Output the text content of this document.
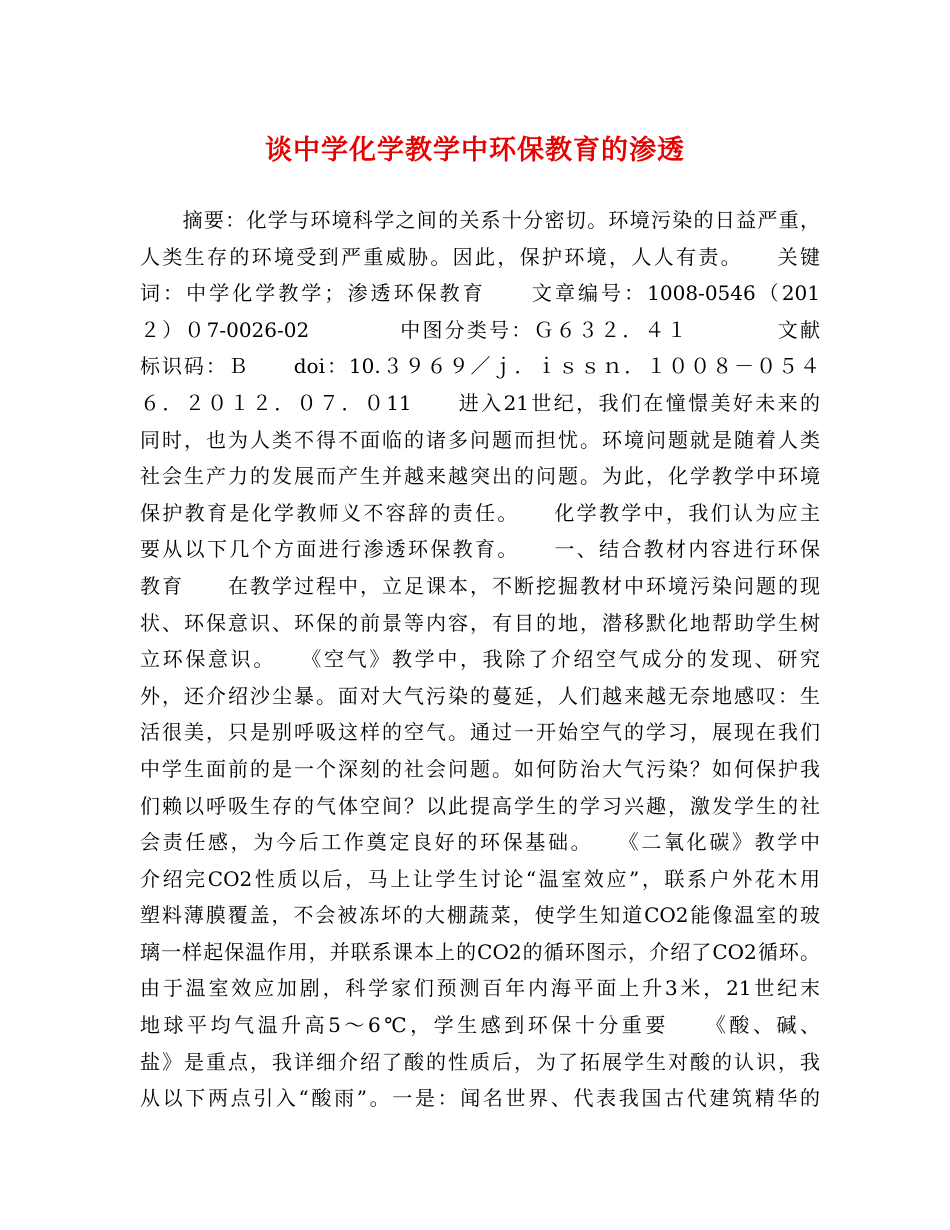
谈中学化学教学中环保教育的渗透
　　摘要：化学与环境科学之间的关系十分密切。环境污染的日益严重，
人类生存的环境受到严重威胁。因此，保护环境，人人有责。　　关键
词：中学化学教学；渗透环保教育　　文章编号：1008-0546（201
２）０7-0026-02　　　　中图分类号：Ｇ６３２．４１　　　　文献
标识码：Ｂ　　doi：10.３９６９／ｊ．ｉｓｓｎ．１００８－０５４
６．２０１２．０７．０11　　进入21世纪，我们在憧憬美好未来的
同时，也为人类不得不面临的诸多问题而担忧。环境问题就是随着人类
社会生产力的发展而产生并越来越突出的问题。为此，化学教学中环境
保护教育是化学教师义不容辞的责任。　　化学教学中，我们认为应主
要从以下几个方面进行渗透环保教育。　　一、结合教材内容进行环保
教育　　在教学过程中，立足课本，不断挖掘教材中环境污染问题的现
状、环保意识、环保的前景等内容，有目的地，潜移默化地帮助学生树
立环保意识。　　《空气》教学中，我除了介绍空气成分的发现、研究
外，还介绍沙尘暴。面对大气污染的蔓延，人们越来越无奈地感叹：生
活很美，只是别呼吸这样的空气。通过一开始空气的学习，展现在我们
中学生面前的是一个深刻的社会问题。如何防治大气污染？如何保护我
们赖以呼吸生存的气体空间？以此提高学生的学习兴趣，激发学生的社
会责任感，为今后工作奠定良好的环保基础。　　《二氧化碳》教学中
介绍完CO2性质以后，马上让学生讨论“温室效应”，联系户外花木用
塑料薄膜覆盖，不会被冻坏的大棚蔬菜，使学生知道CO2能像温室的玻
璃一样起保温作用，并联系课本上的CO2的循环图示，介绍了CO2循环。
由于温室效应加剧，科学家们预测百年内海平面上升3米，21世纪末
地球平均气温升高5～6℃，学生感到环保十分重要　　《酸、碱、
盐》是重点，我详细介绍了酸的性质后，为了拓展学生对酸的认识，我
从以下两点引入“酸雨”。一是：闻名世界、代表我国古代建筑精华的
